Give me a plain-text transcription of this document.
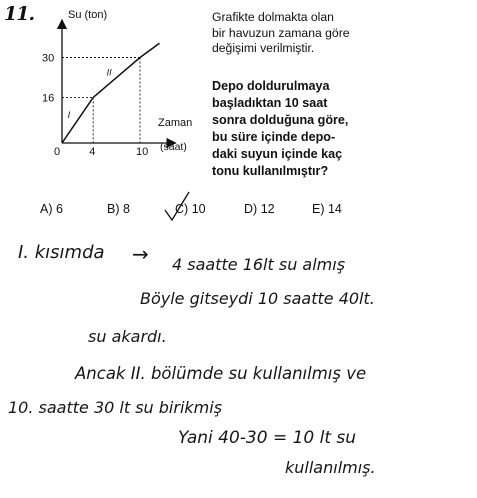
11.
I
II
0	4	10
16
30
Su (ton)
Zaman
(saat)
Grafikte dolmakta olan
bir havuzun zamana göre
değişimi verilmiştir.
Depo doldurulmaya
başladıktan 10 saat
sonra dolduğuna göre,
bu süre içinde depo-
daki suyun içinde kaç
tonu kullanılmıştır?
A) 6	B) 8	C) 10	D) 12	E) 14
I. kısımda → 4 saatte 16lt su almış
Böyle gitseydi 10 saatte 40lt.
su akardı.
Ancak II. bölümde su kullanılmış ve
10. saatte 30 lt su birikmiş
Yani 40-30 = 10 lt su
kullanılmış.
